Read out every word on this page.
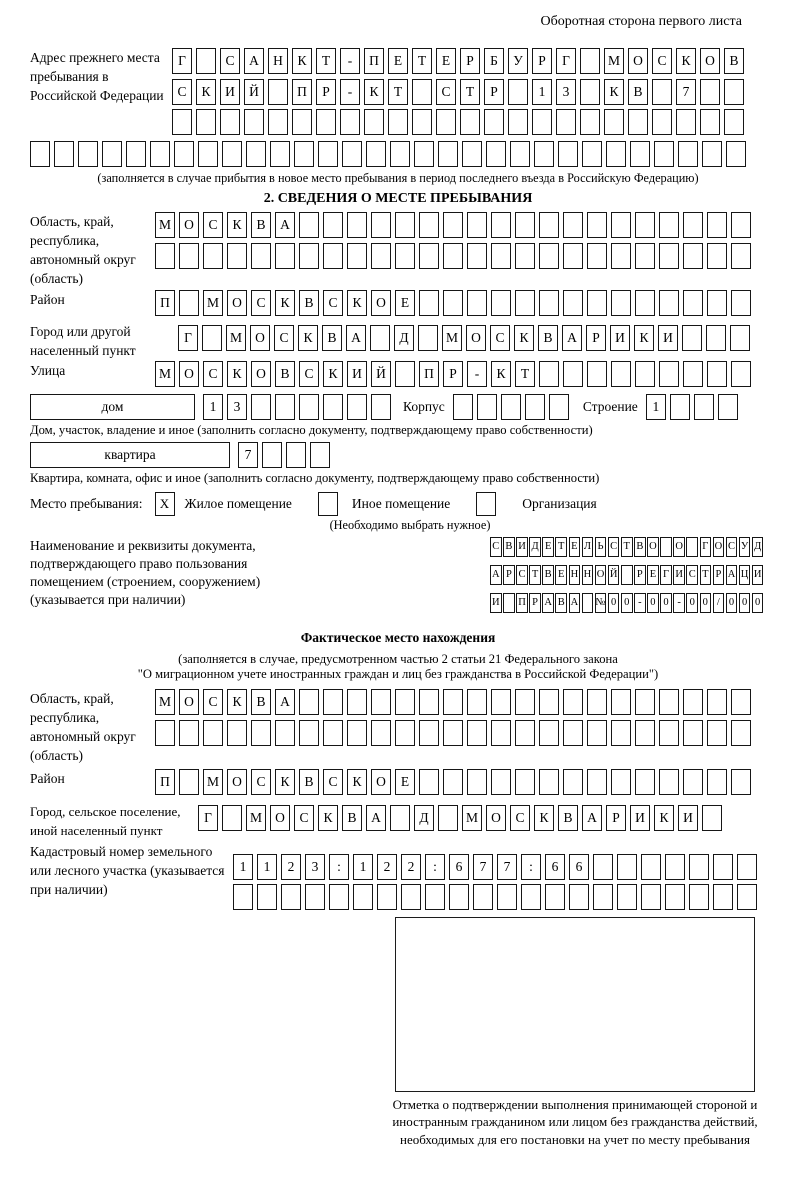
Оборотная сторона первого листа
Адрес прежнего места пребывания в Российской Федерации
Г	С	А	Н	К	Т	-	П	Е	Т	Е	Р	Б	У	Р	Г	М О	С	К	О	В
С	К	И	Й	П	Р	-	К	Т	С	Т	Р	1	3	К	В	7
(заполняется в случае прибытия в новое место пребывания в период последнего въезда в Российскую Федерацию)
2. СВЕДЕНИЯ О МЕСТЕ ПРЕБЫВАНИЯ
Область, край, республика, автономный округ (область)
М О	С	К	В	А
Район	П	М О	С	К	В	С	К	О	Е
Город или другой населенный пункт
Г	М О	С	К	В	А	Д	М О	С	К	В	А	Р	И	К	И
Улица	М О	С	К	О	В	С	К	И	Й	П	Р	-	К	Т
дом	1	3	Корпус	Строение	1
Дом, участок, владение и иное (заполнить согласно документу, подтверждающему право собственности)
квартира	7
Квартира, комната, офис и иное (заполнить согласно документу, подтверждающему право собственности)
Место пребывания:	X	Жилое помещение	Иное помещение	Организация
(Необходимо выбрать нужное)
Наименование и реквизиты документа, подтверждающего право пользования помещением (строением, сооружением) (указывается при наличии)
С В И Д Е Т Е Л Ь С Т В О О Г О С У Д
А Р С Т В Е Н Н О Й Р Е Г И С Т Р А Ц И
И П Р А В А № 0 0 - 0 0 - 0 0 / 0 0 0
Фактическое место нахождения
(заполняется в случае, предусмотренном частью 2 статьи 21 Федерального закона
"О миграционном учете иностранных граждан и лиц без гражданства в Российской Федерации")
Область, край, республика, автономный округ (область)
М О	С	К	В	А
Район	П	М О	С	К	В	С	К	О	Е
Город, сельское поселение, иной населенный пункт
Г	М О	С	К	В	А	Д	М О	С	К	В	А	Р	И	К	И
Кадастровый номер земельного или лесного участка (указывается при наличии)
1	1	2	3	:	1	2	2	:	6	7	7	:	6	6
Отметка о подтверждении выполнения принимающей стороной и иностранным гражданином или лицом без гражданства действий, необходимых для его постановки на учет по месту пребывания
